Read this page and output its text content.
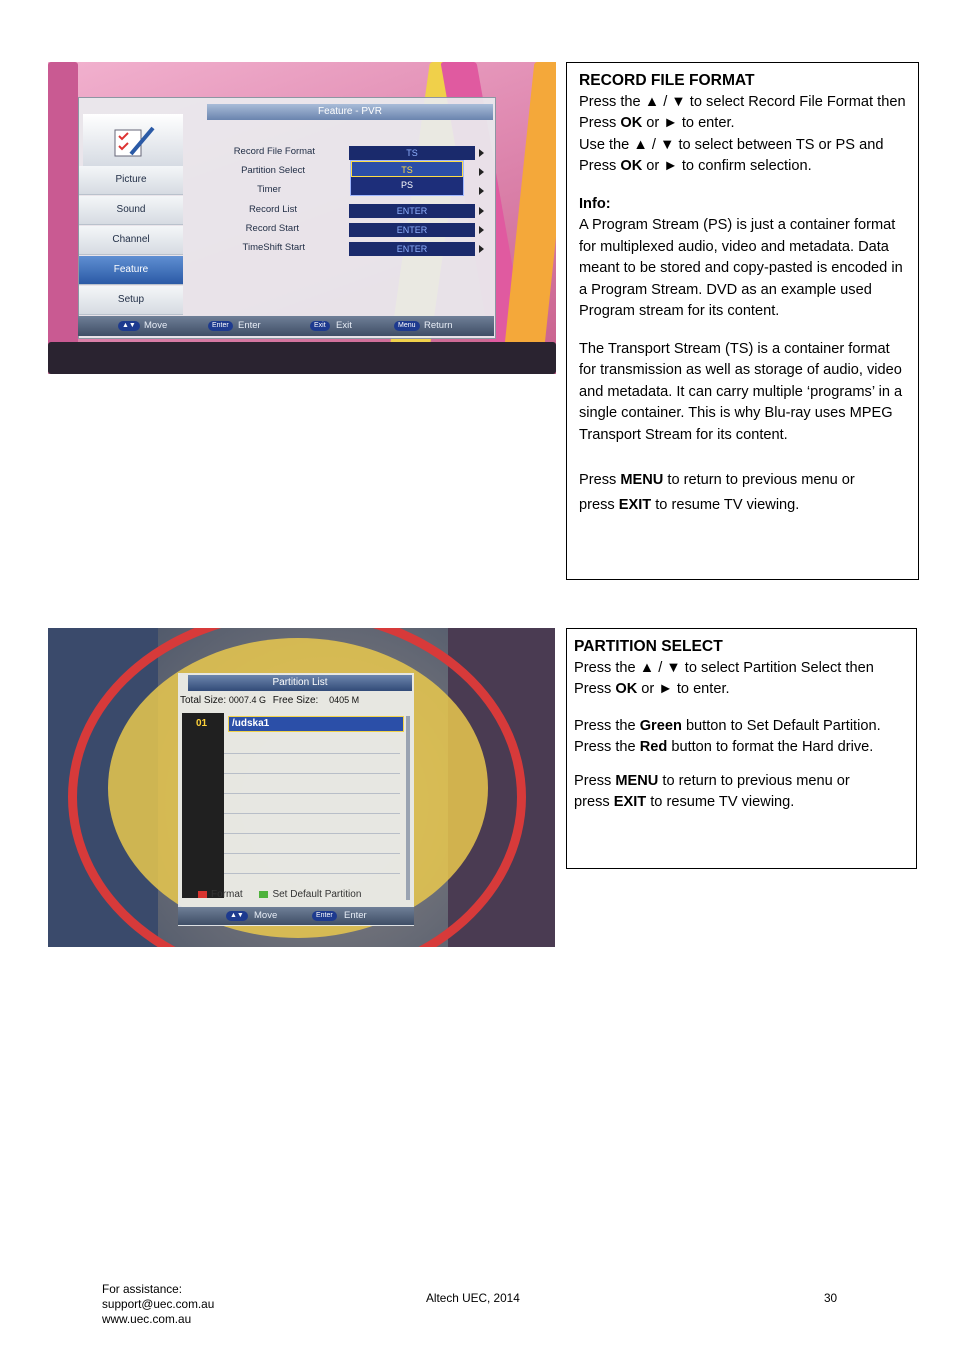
Feature - PVR
Picture
Sound
Channel
Feature
Setup
Record File Format	TS
Partition Select
Timer
Record List	ENTER
Record Start	ENTER
TimeShift Start	ENTER
TS
PS
▲▼ Move	Enter Enter	Exit	Exit	Menu Return

RECORD FILE FORMAT

Press the ▲ / ▼ to select Record File Format then Press OK or ► to enter.

Use the ▲ / ▼ to select between TS or PS and Press OK or ► to confirm selection.

Info:

A Program Stream (PS) is just a container format for multiplexed audio, video and metadata. Data meant to be stored and copy-pasted is encoded in a Program Stream. DVD as an example used Program stream for its content.

The Transport Stream (TS) is a container format for transmission as well as storage of audio, video and metadata. It can carry multiple ‘programs’ in a single container. This is why Blu-ray uses MPEG Transport Stream for its content.

Press MENU to return to previous menu or

press EXIT to resume TV viewing.

Partition List
Total Size: 0007.4 G Free Size: 0405 M
01	/udska1
Format	Set Default Partition
▲▼	Move	Enter	Enter

PARTITION SELECT

Press the ▲ / ▼ to select Partition Select then Press OK or ► to enter.

Press the Green button to Set Default Partition.

Press the Red button to format the Hard drive.

Press MENU to return to previous menu or

press EXIT to resume TV viewing.

For assistance:
support@uec.com.au
www.uec.com.au
Altech UEC, 2014	30
